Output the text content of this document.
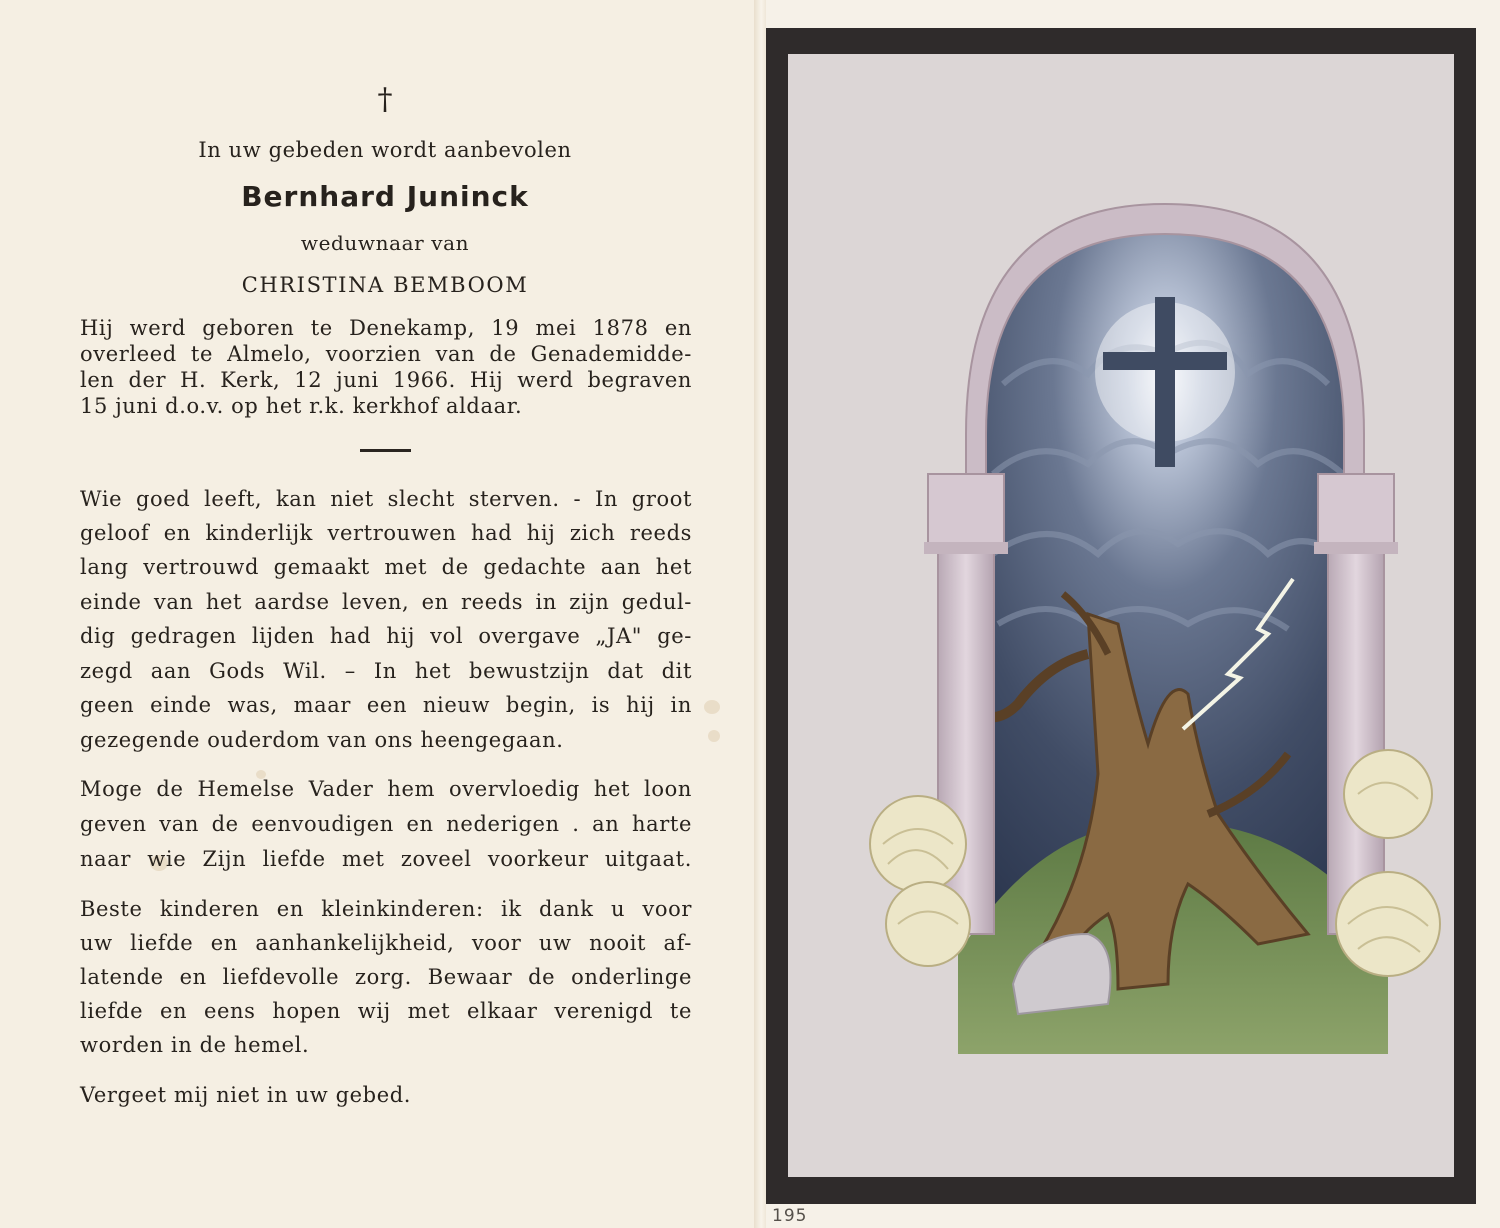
†
In uw gebeden wordt aanbevolen
Bernhard Juninck
weduwnaar van
CHRISTINA BEMBOOM
Hij werd geboren te Denekamp, 19 mei 1878 en
overleed te Almelo, voorzien van de Genademidde-
len der H. Kerk, 12 juni 1966. Hij werd begraven
15 juni d.o.v. op het r.k. kerkhof aldaar.
Wie goed leeft, kan niet slecht sterven. - In groot
geloof en kinderlijk vertrouwen had hij zich reeds
lang vertrouwd gemaakt met de gedachte aan het
einde van het aardse leven, en reeds in zijn gedul-
dig gedragen lijden had hij vol overgave „JA" ge-
zegd aan Gods Wil. – In het bewustzijn dat dit
geen einde was, maar een nieuw begin, is hij in
gezegende ouderdom van ons heengegaan.
Moge de Hemelse Vader hem overvloedig het loon
geven van de eenvoudigen en nederigen . an harte
naar wie Zijn liefde met zoveel voorkeur uitgaat.
Beste kinderen en kleinkinderen: ik dank u voor
uw liefde en aanhankelijkheid, voor uw nooit af-
latende en liefdevolle zorg. Bewaar de onderlinge
liefde en eens hopen wij met elkaar verenigd te
worden in de hemel.
Vergeet mij niet in uw gebed.
195
